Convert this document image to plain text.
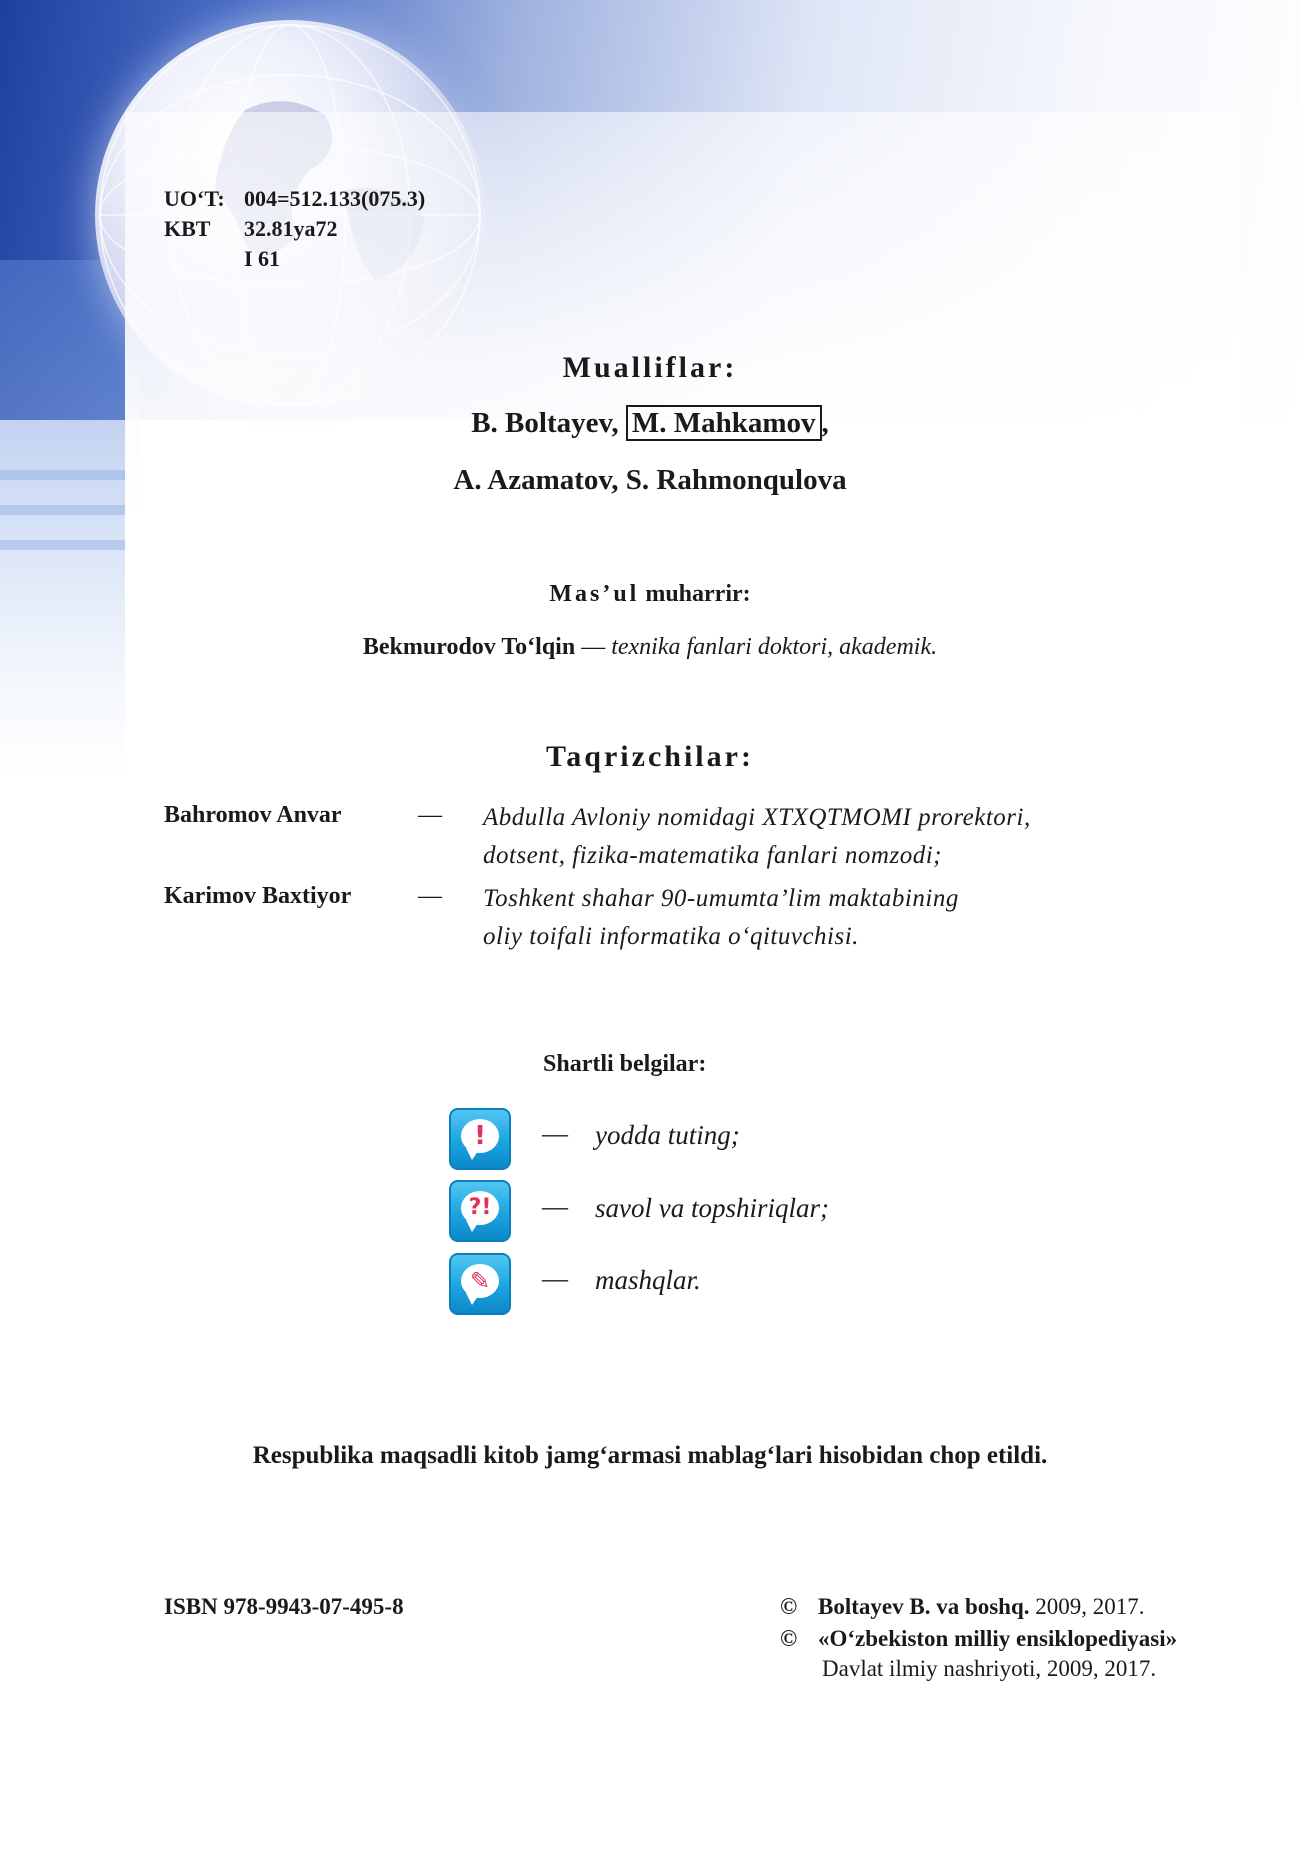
UO‘T: 004=512.133(075.3)
KBT	32.81ya72
I 61
Mualliflar:
B. Boltayev, M. Mahkamov ,
A. Azamatov, S. Rahmonqulova
Mas’ul muharrir:
Bekmurodov To‘lqin — texnika fanlari doktori, akademik.
Taqrizchilar:
Bahromov Anvar	— Abdulla Avloniy nomidagi XTXQTMOMI prorektori,
dotsent, fizika-matematika fanlari nomzodi;
Karimov Baxtiyor	— Toshkent shahar 90-umumta’lim maktabining
oliy toifali informatika o‘qituvchisi.
Shartli belgilar:
!	— yodda tuting;
?! — savol va topshiriqlar;
✎	— mashqlar.
Respublika maqsadli kitob jamg‘armasi mablag‘lari hisobidan chop etildi.
ISBN 978-9943-07-495-8	© Boltayev B. va boshq. 2009, 2017.
© «O‘zbekiston milliy ensiklopediyasi»
Davlat ilmiy nashriyoti, 2009, 2017.
